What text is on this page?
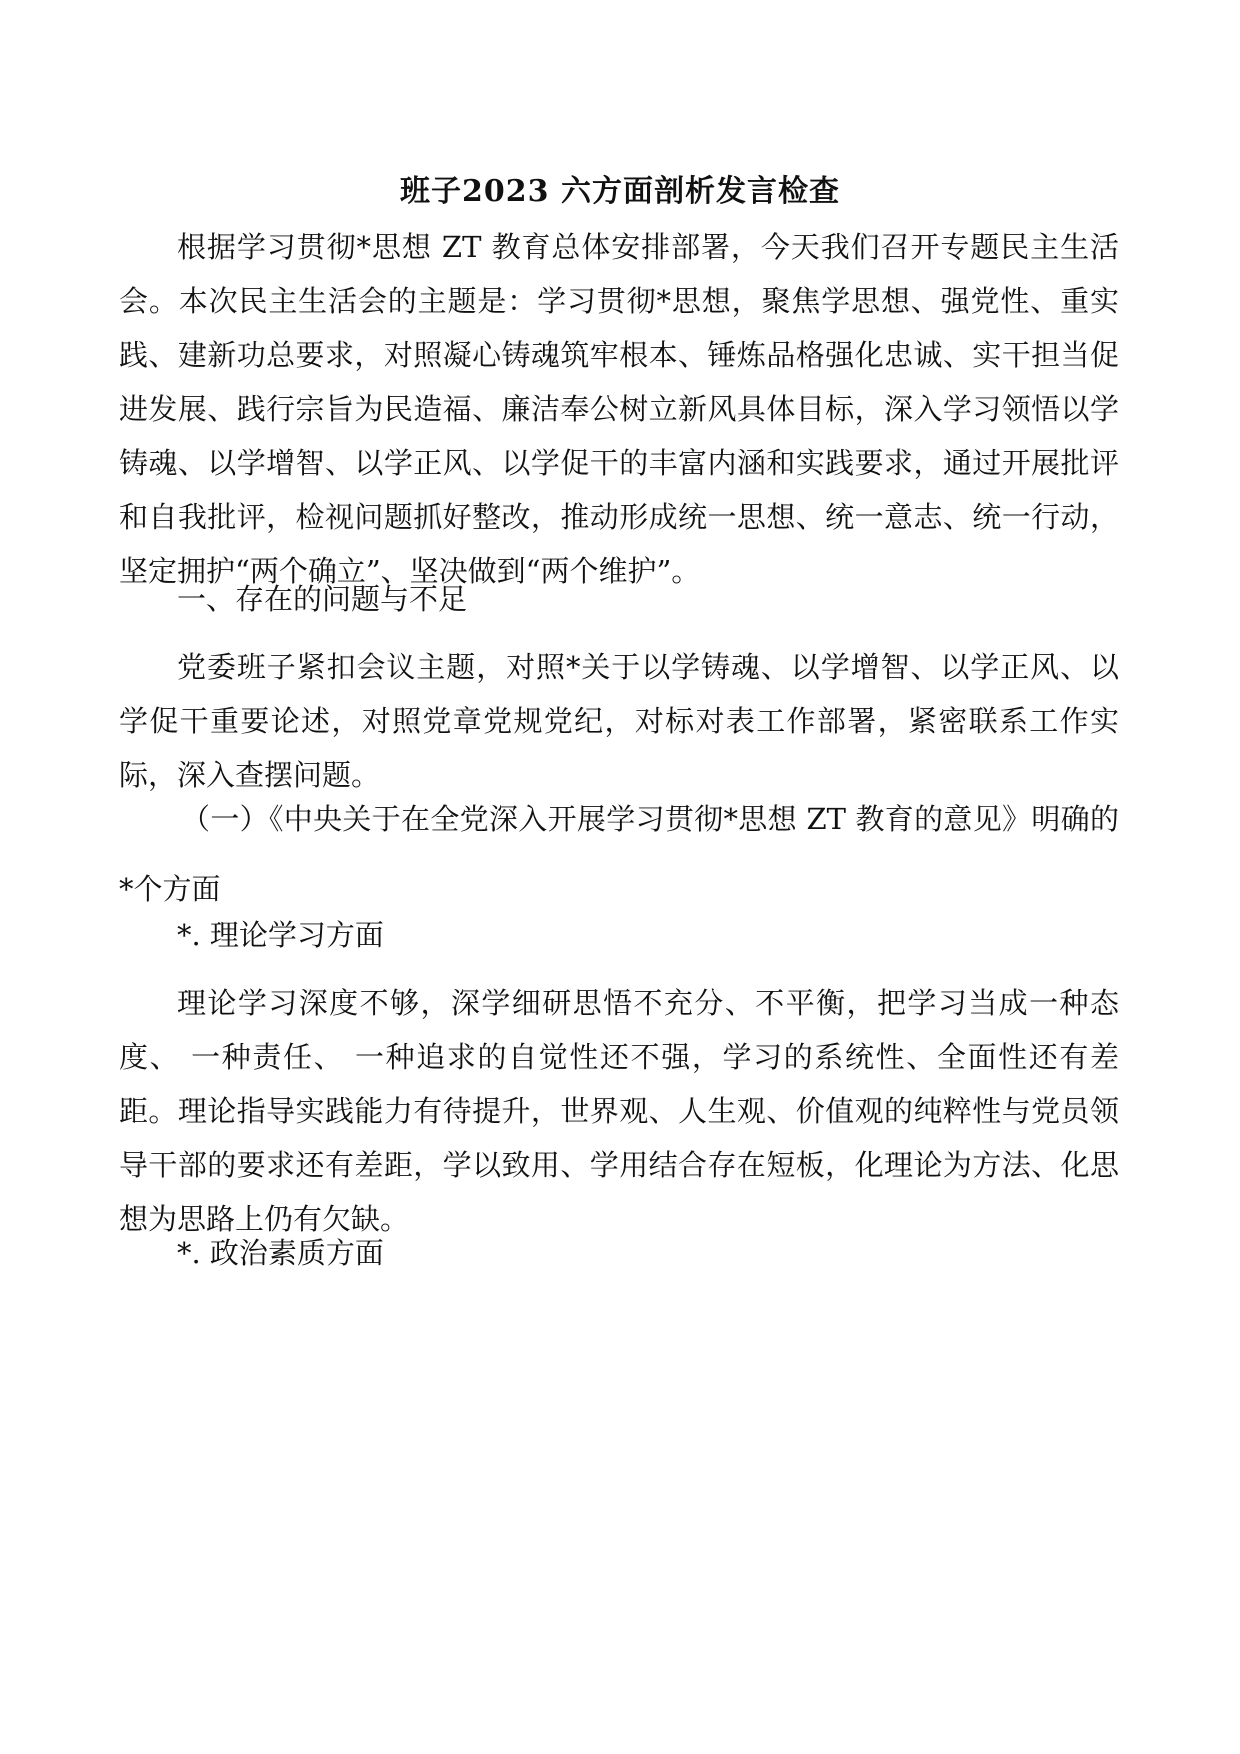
班子2023 六方面剖析发言检查

根据学习贯彻*思想 ZT 教育总体安排部署，今天我们召开专题民主生活会。本次民主生活会的主题是：学习贯彻*思想，聚焦学思想、强党性、重实践、建新功总要求，对照凝心铸魂筑牢根本、锤炼品格强化忠诚、实干担当促进发展、践行宗旨为民造福、廉洁奉公树立新风具体目标，深入学习领悟以学铸魂、以学增智、以学正风、以学促干的丰富内涵和实践要求，通过开展批评和自我批评，检视问题抓好整改，推动形成统一思想、统一意志、统一行动，坚定拥护“两个确立”、坚决做到“两个维护”。

一、存在的问题与不足

党委班子紧扣会议主题，对照*关于以学铸魂、以学增智、以学正风、以学促干重要论述，对照党章党规党纪，对标对表工作部署，紧密联系工作实际，深入查摆问题。

（一）《中央关于在全党深入开展学习贯彻*思想 ZT 教育的意见》明确的*个方面

*. 理论学习方面

理论学习深度不够，深学细研思悟不充分、不平衡，把学习当成一种态度、 一种责任、 一种追求的自觉性还不强，学习的系统性、全面性还有差距。理论指导实践能力有待提升，世界观、人生观、价值观的纯粹性与党员领导干部的要求还有差距，学以致用、学用结合存在短板，化理论为方法、化思想为思路上仍有欠缺。

*. 政治素质方面
